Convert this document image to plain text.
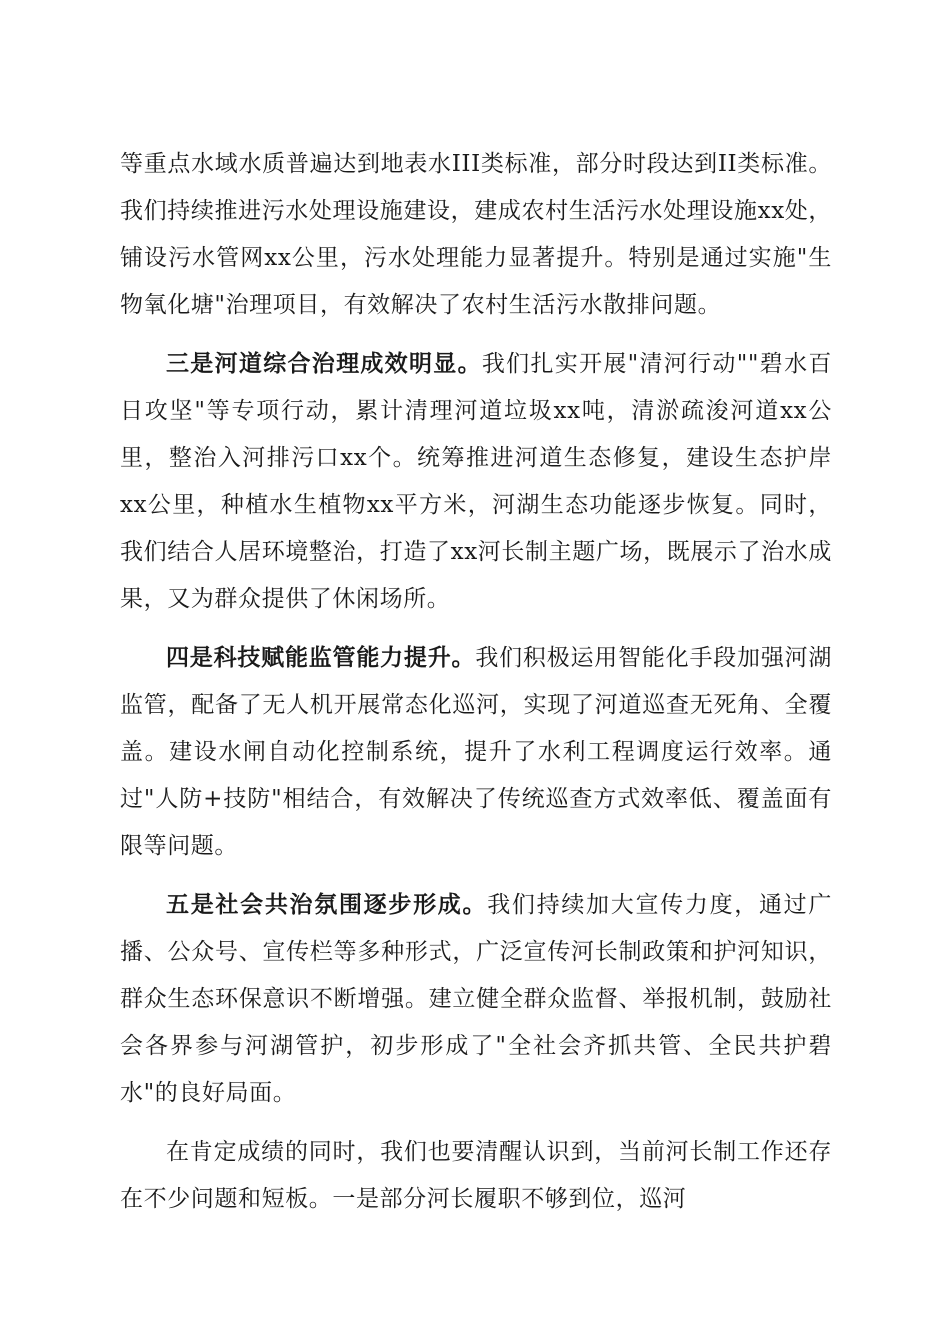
等重点水域水质普遍达到地表水III类标准，部分时段达到II类标准。我们持续推进污水处理设施建设，建成农村生活污水处理设施xx处，铺设污水管网xx公里，污水处理能力显著提升。特别是通过实施"生物氧化塘"治理项目，有效解决了农村生活污水散排问题。

三是河道综合治理成效明显。我们扎实开展"清河行动""碧水百日攻坚"等专项行动，累计清理河道垃圾xx吨，清淤疏浚河道xx公里，整治入河排污口xx个。统筹推进河道生态修复，建设生态护岸xx公里，种植水生植物xx平方米，河湖生态功能逐步恢复。同时，我们结合人居环境整治，打造了xx河长制主题广场，既展示了治水成果，又为群众提供了休闲场所。

四是科技赋能监管能力提升。我们积极运用智能化手段加强河湖监管，配备了无人机开展常态化巡河，实现了河道巡查无死角、全覆盖。建设水闸自动化控制系统，提升了水利工程调度运行效率。通过"人防+技防"相结合，有效解决了传统巡查方式效率低、覆盖面有限等问题。

五是社会共治氛围逐步形成。我们持续加大宣传力度，通过广播、公众号、宣传栏等多种形式，广泛宣传河长制政策和护河知识，群众生态环保意识不断增强。建立健全群众监督、举报机制，鼓励社会各界参与河湖管护，初步形成了"全社会齐抓共管、全民共护碧水"的良好局面。

在肯定成绩的同时，我们也要清醒认识到，当前河长制工作还存在不少问题和短板。一是部分河长履职不够到位，巡河
